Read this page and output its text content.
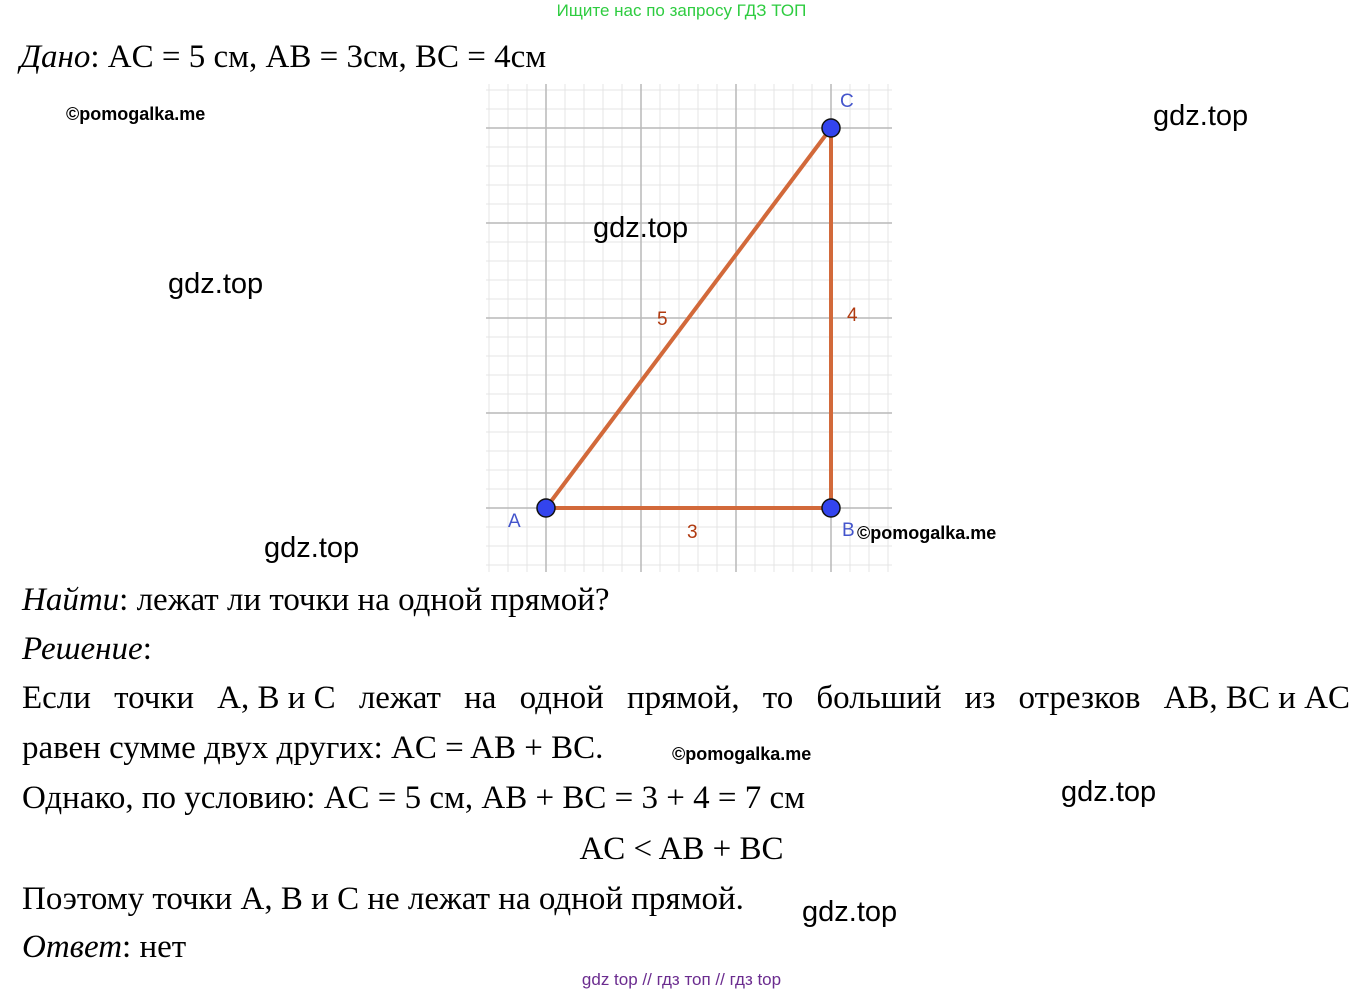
Ищите нас по запросу ГДЗ ТОП
Дано: AC = 5 см, AB = 3см, BC = 4см
©pomogalka.me	gdz.top
gdz.top
gdz.top
A	B
C
5	4
3
gdz.top
©pomogalka.me
Найти: лежат ли точки на одной прямой?
Решение:
Если точки A, B и C лежат на одной прямой, то больший из отрезков AB, BC и AC
равен сумме двух других: AC = AB + BC.	©pomogalka.me
Однако, по условию: AC = 5 см, AB + BC = 3 + 4 = 7 см	gdz.top
AC < AB + BC
Поэтому точки A, B и C не лежат на одной прямой. gdz.top
Ответ: нет
gdz top // гдз топ // гдз top
